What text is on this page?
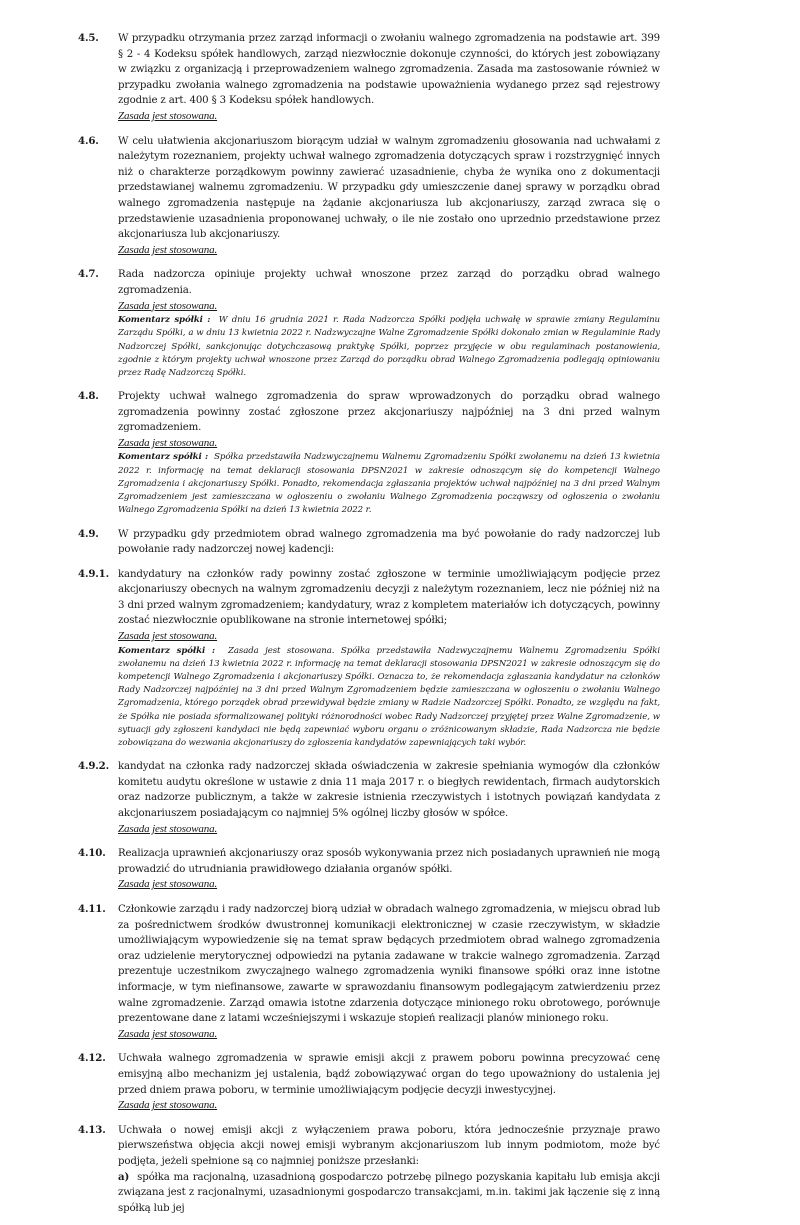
4.5. W przypadku otrzymania przez zarząd informacji o zwołaniu walnego zgromadzenia na podstawie art. 399 § 2 - 4 Kodeksu spółek handlowych, zarząd niezwłocznie dokonuje czynności, do których jest zobowiązany w związku z organizacją i przeprowadzeniem walnego zgromadzenia. Zasada ma zastosowanie również w przypadku zwołania walnego zgromadzenia na podstawie upoważnienia wydanego przez sąd rejestrowy zgodnie z art. 400 § 3 Kodeksu spółek handlowych.

Zasada jest stosowana.
4.6. W celu ułatwienia akcjonariuszom biorącym udział w walnym zgromadzeniu głosowania nad uchwałami z należytym rozeznaniem, projekty uchwał walnego zgromadzenia dotyczących spraw i rozstrzygnięć innych niż o charakterze porządkowym powinny zawierać uzasadnienie, chyba że wynika ono z dokumentacji przedstawianej walnemu zgromadzeniu. W przypadku gdy umieszczenie danej sprawy w porządku obrad walnego zgromadzenia następuje na żądanie akcjonariusza lub akcjonariuszy, zarząd zwraca się o przedstawienie uzasadnienia proponowanej uchwały, o ile nie zostało ono uprzednio przedstawione przez akcjonariusza lub akcjonariuszy.

Zasada jest stosowana.
4.7. Rada nadzorcza opiniuje projekty uchwał wnoszone przez zarząd do porządku obrad walnego zgromadzenia.

Zasada jest stosowana.

Komentarz spółki : W dniu 16 grudnia 2021 r. Rada Nadzorcza Spółki podjęła uchwałę w sprawie zmiany Regulaminu Zarządu Spółki, a w dniu 13 kwietnia 2022 r. Nadzwyczajne Walne Zgromadzenie Spółki dokonało zmian w Regulaminie Rady Nadzorczej Spółki, sankcjonując dotychczasową praktykę Spółki, poprzez przyjęcie w obu regulaminach postanowienia, zgodnie z którym projekty uchwał wnoszone przez Zarząd do porządku obrad Walnego Zgromadzenia podlegają opiniowaniu przez Radę Nadzorczą Spółki.

4.8. Projekty uchwał walnego zgromadzenia do spraw wprowadzonych do porządku obrad walnego zgromadzenia powinny zostać zgłoszone przez akcjonariuszy najpóźniej na 3 dni przed walnym zgromadzeniem.

Zasada jest stosowana.

Komentarz spółki : Spółka przedstawiła Nadzwyczajnemu Walnemu Zgromadzeniu Spółki zwołanemu na dzień 13 kwietnia 2022 r. informację na temat deklaracji stosowania DPSN2021 w zakresie odnoszącym się do kompetencji Walnego Zgromadzenia i akcjonariuszy Spółki. Ponadto, rekomendacja zgłaszania projektów uchwał najpóźniej na 3 dni przed Walnym Zgromadzeniem jest zamieszczana w ogłoszeniu o zwołaniu Walnego Zgromadzenia począwszy od ogłoszenia o zwołaniu Walnego Zgromadzenia Spółki na dzień 13 kwietnia 2022 r.

4.9. W przypadku gdy przedmiotem obrad walnego zgromadzenia ma być powołanie do rady nadzorczej lub powołanie rady nadzorczej nowej kadencji:

4.9.1. kandydatury na członków rady powinny zostać zgłoszone w terminie umożliwiającym podjęcie przez akcjonariuszy obecnych na walnym zgromadzeniu decyzji z należytym rozeznaniem, lecz nie później niż na 3 dni przed walnym zgromadzeniem; kandydatury, wraz z kompletem materiałów ich dotyczących, powinny zostać niezwłocznie opublikowane na stronie internetowej spółki;

Zasada jest stosowana.

Komentarz spółki : Zasada jest stosowana. Spółka przedstawiła Nadzwyczajnemu Walnemu Zgromadzeniu Spółki zwołanemu na dzień 13 kwietnia 2022 r. informację na temat deklaracji stosowania DPSN2021 w zakresie odnoszącym się do kompetencji Walnego Zgromadzenia i akcjonariuszy Spółki. Oznacza to, że rekomendacja zgłaszania kandydatur na członków Rady Nadzorczej najpóźniej na 3 dni przed Walnym Zgromadzeniem będzie zamieszczana w ogłoszeniu o zwołaniu Walnego Zgromadzenia, którego porządek obrad przewidywał będzie zmiany w Radzie Nadzorczej Spółki. Ponadto, ze względu na fakt, że Spółka nie posiada sformalizowanej polityki różnorodności wobec Rady Nadzorczej przyjętej przez Walne Zgromadzenie, w sytuacji gdy zgłoszeni kandydaci nie będą zapewniać wyboru organu o zróżnicowanym składzie, Rada Nadzorcza nie będzie zobowiązana do wezwania akcjonariuszy do zgłoszenia kandydatów zapewniających taki wybór.

4.9.2. kandydat na członka rady nadzorczej składa oświadczenia w zakresie spełniania wymogów dla członków komitetu audytu określone w ustawie z dnia 11 maja 2017 r. o biegłych rewidentach, firmach audytorskich oraz nadzorze publicznym, a także w zakresie istnienia rzeczywistych i istotnych powiązań kandydata z akcjonariuszem posiadającym co najmniej 5% ogólnej liczby głosów w spółce.

Zasada jest stosowana.
4.10. Realizacja uprawnień akcjonariuszy oraz sposób wykonywania przez nich posiadanych uprawnień nie mogą prowadzić do utrudniania prawidłowego działania organów spółki.

Zasada jest stosowana.
4.11. Członkowie zarządu i rady nadzorczej biorą udział w obradach walnego zgromadzenia, w miejscu obrad lub za pośrednictwem środków dwustronnej komunikacji elektronicznej w czasie rzeczywistym, w składzie umożliwiającym wypowiedzenie się na temat spraw będących przedmiotem obrad walnego zgromadzenia oraz udzielenie merytorycznej odpowiedzi na pytania zadawane w trakcie walnego zgromadzenia. Zarząd prezentuje uczestnikom zwyczajnego walnego zgromadzenia wyniki finansowe spółki oraz inne istotne informacje, w tym niefinansowe, zawarte w sprawozdaniu finansowym podlegającym zatwierdzeniu przez walne zgromadzenie. Zarząd omawia istotne zdarzenia dotyczące minionego roku obrotowego, porównuje prezentowane dane z latami wcześniejszymi i wskazuje stopień realizacji planów minionego roku.

Zasada jest stosowana.
4.12. Uchwała walnego zgromadzenia w sprawie emisji akcji z prawem poboru powinna precyzować cenę emisyjną albo mechanizm jej ustalenia, bądź zobowiązywać organ do tego upoważniony do ustalenia jej przed dniem prawa poboru, w terminie umożliwiającym podjęcie decyzji inwestycyjnej.

Zasada jest stosowana.
4.13. Uchwała o nowej emisji akcji z wyłączeniem prawa poboru, która jednocześnie przyznaje prawo pierwszeństwa objęcia akcji nowej emisji wybranym akcjonariuszom lub innym podmiotom, może być podjęta, jeżeli spełnione są co najmniej poniższe przesłanki:

a) spółka ma racjonalną, uzasadnioną gospodarczo potrzebę pilnego pozyskania kapitału lub emisja akcji związana jest z racjonalnymi, uzasadnionymi gospodarczo transakcjami, m.in. takimi jak łączenie się z inną spółką lub jej
